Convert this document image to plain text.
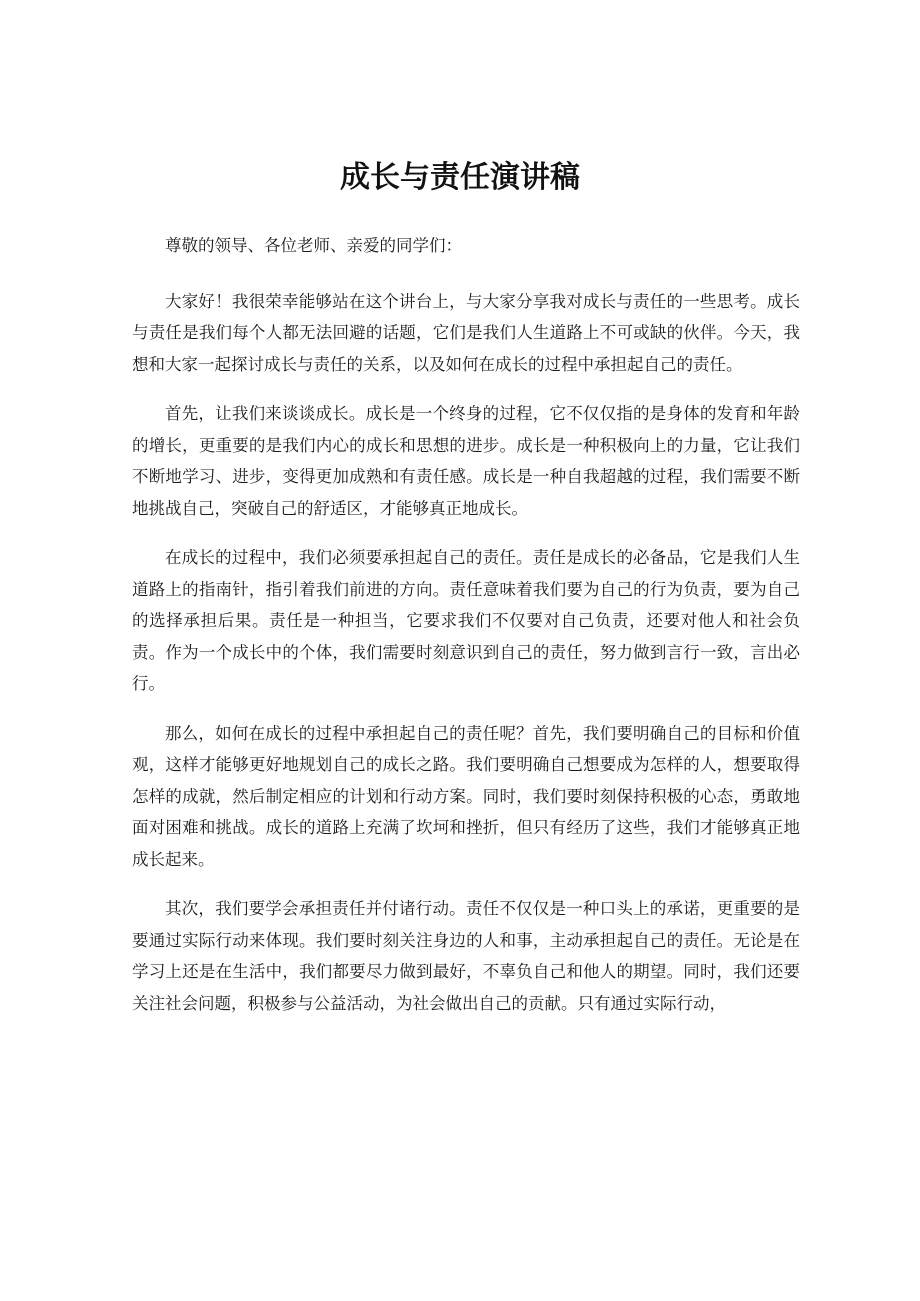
成长与责任演讲稿

尊敬的领导、各位老师、亲爱的同学们：

大家好！我很荣幸能够站在这个讲台上，与大家分享我对成长与责任的一些思考。成长与责任是我们每个人都无法回避的话题，它们是我们人生道路上不可或缺的伙伴。今天，我想和大家一起探讨成长与责任的关系，以及如何在成长的过程中承担起自己的责任。

首先，让我们来谈谈成长。成长是一个终身的过程，它不仅仅指的是身体的发育和年龄的增长，更重要的是我们内心的成长和思想的进步。成长是一种积极向上的力量，它让我们不断地学习、进步，变得更加成熟和有责任感。成长是一种自我超越的过程，我们需要不断地挑战自己，突破自己的舒适区，才能够真正地成长。

在成长的过程中，我们必须要承担起自己的责任。责任是成长的必备品，它是我们人生道路上的指南针，指引着我们前进的方向。责任意味着我们要为自己的行为负责，要为自己的选择承担后果。责任是一种担当，它要求我们不仅要对自己负责，还要对他人和社会负责。作为一个成长中的个体，我们需要时刻意识到自己的责任，努力做到言行一致，言出必行。

那么，如何在成长的过程中承担起自己的责任呢？首先，我们要明确自己的目标和价值观，这样才能够更好地规划自己的成长之路。我们要明确自己想要成为怎样的人，想要取得怎样的成就，然后制定相应的计划和行动方案。同时，我们要时刻保持积极的心态，勇敢地面对困难和挑战。成长的道路上充满了坎坷和挫折，但只有经历了这些，我们才能够真正地成长起来。

其次，我们要学会承担责任并付诸行动。责任不仅仅是一种口头上的承诺，更重要的是要通过实际行动来体现。我们要时刻关注身边的人和事，主动承担起自己的责任。无论是在学习上还是在生活中，我们都要尽力做到最好，不辜负自己和他人的期望。同时，我们还要关注社会问题，积极参与公益活动，为社会做出自己的贡献。只有通过实际行动，
